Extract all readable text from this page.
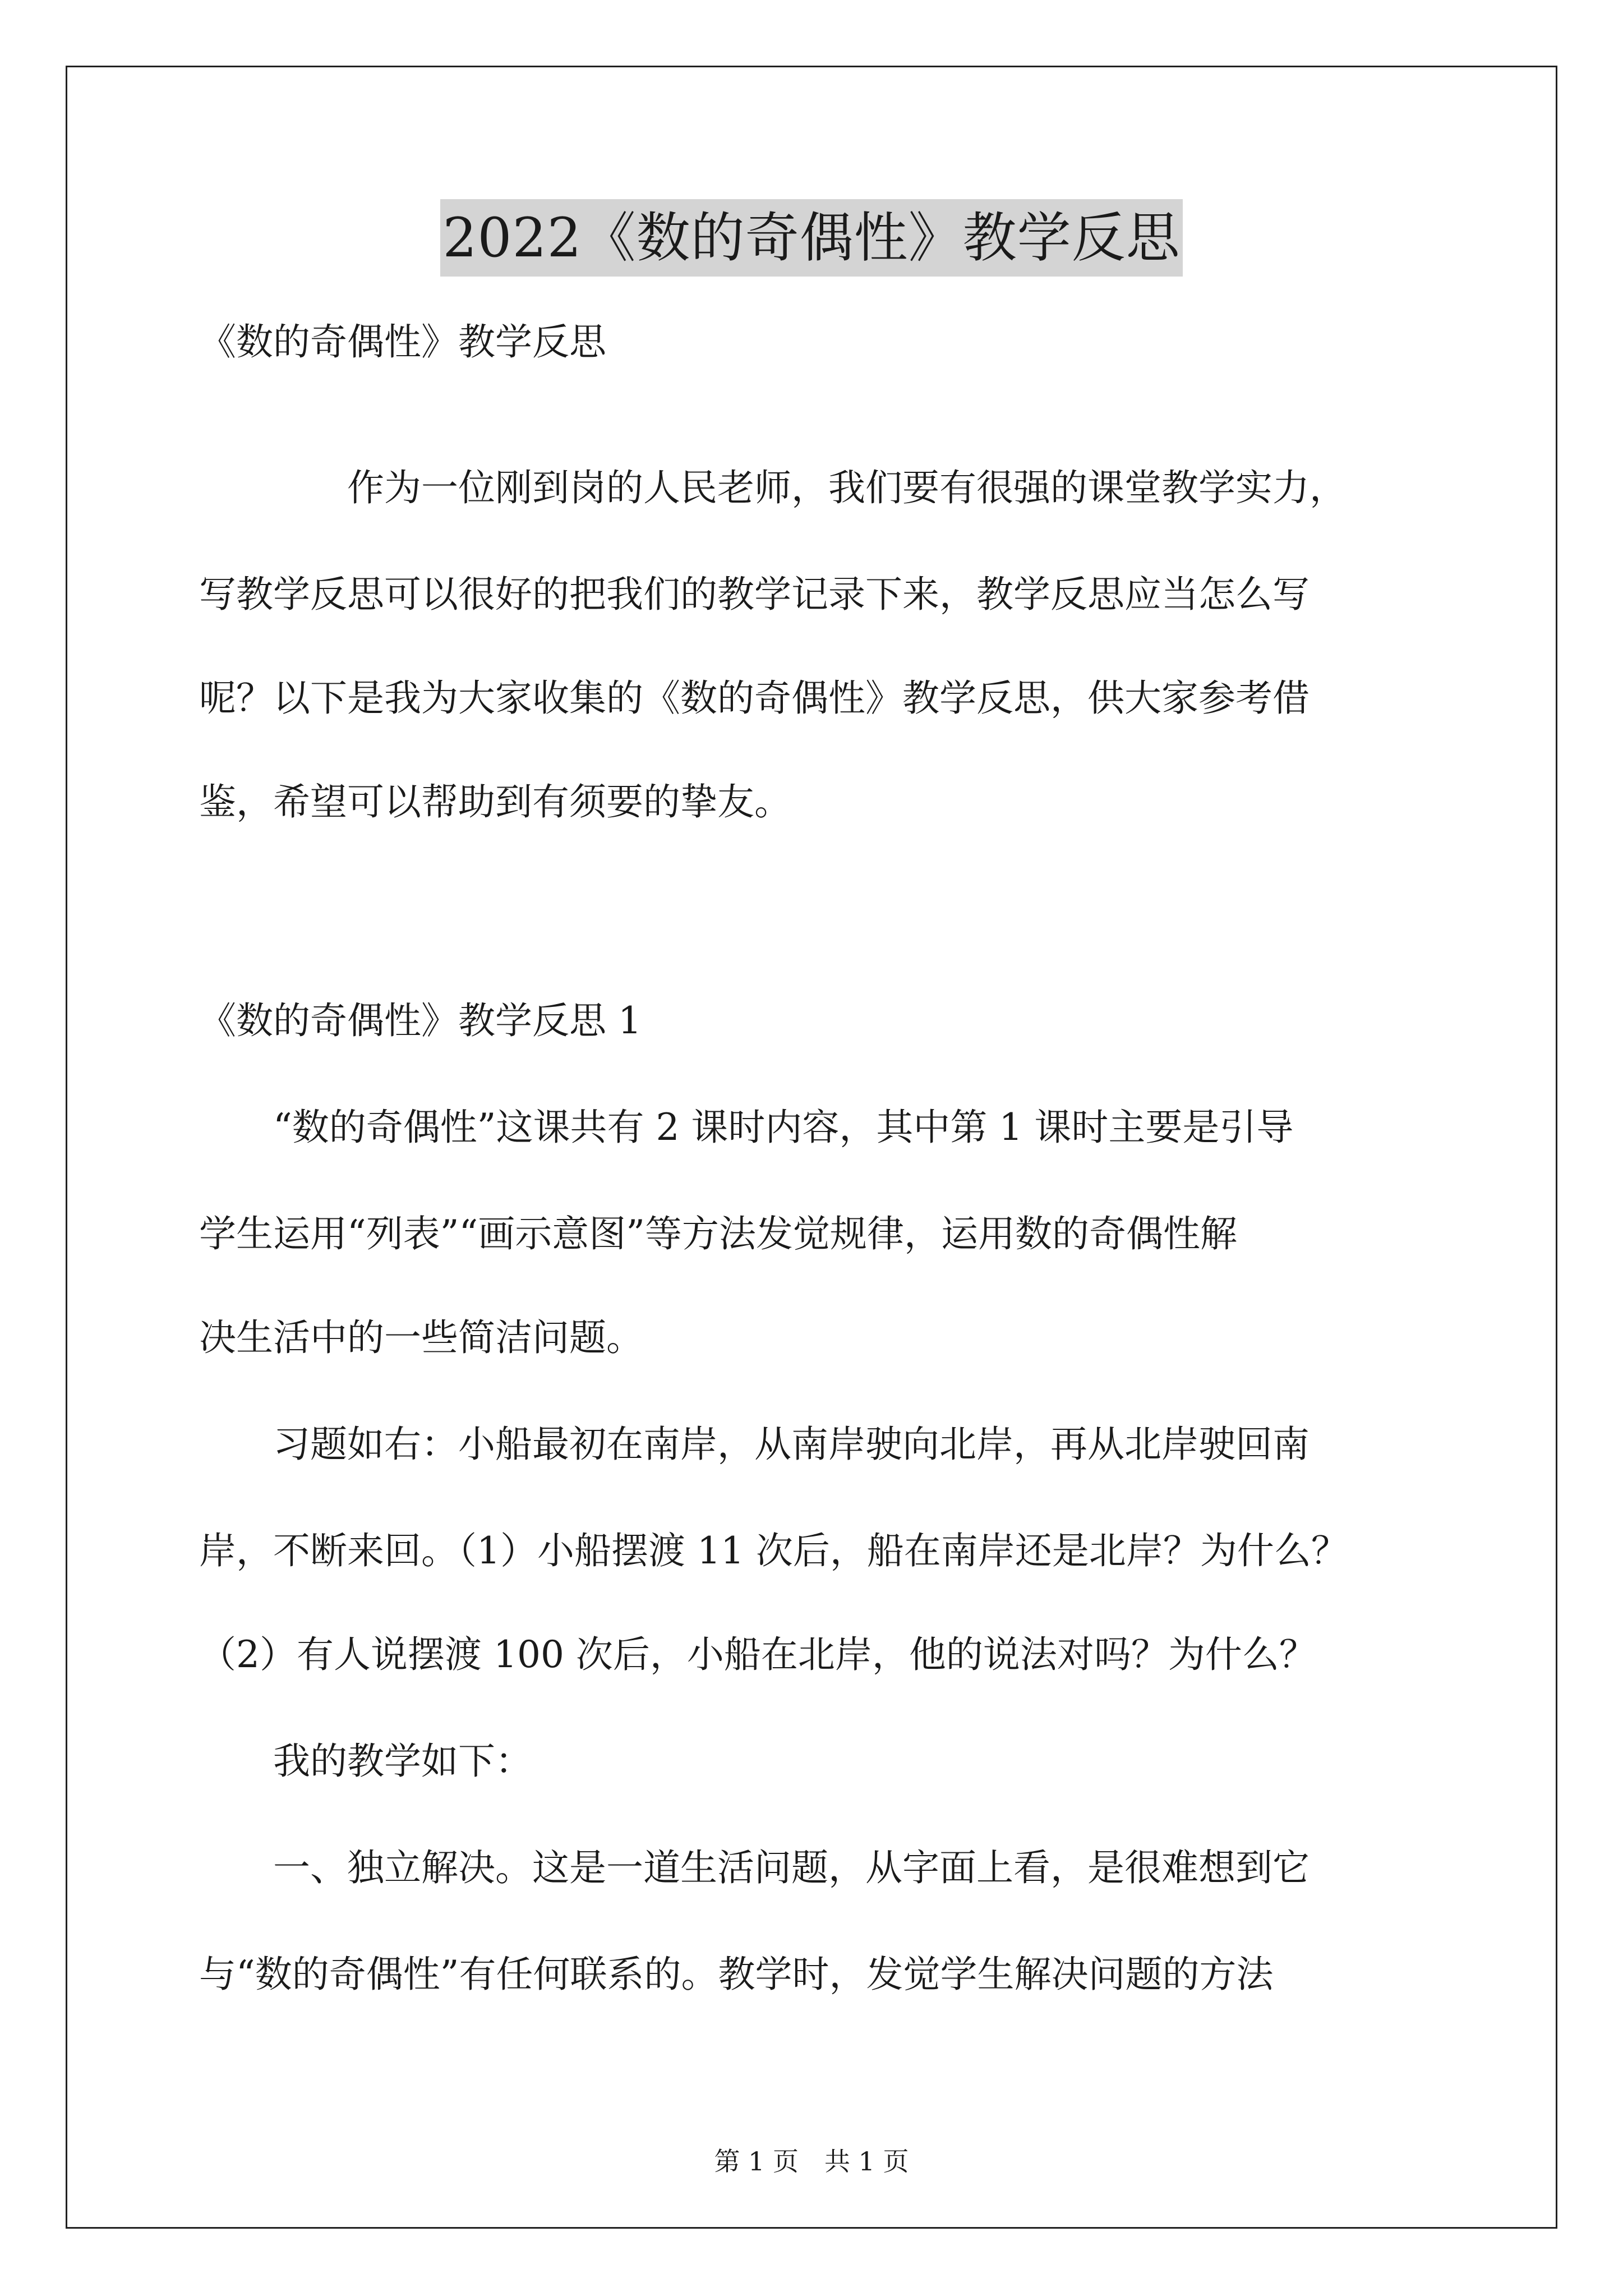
2022《数的奇偶性》教学反思

《数的奇偶性》教学反思

　　　　作为一位刚到岗的人民老师，我们要有很强的课堂教学实力，

写教学反思可以很好的把我们的教学记录下来，教学反思应当怎么写

呢？以下是我为大家收集的《数的奇偶性》教学反思，供大家参考借

鉴，希望可以帮助到有须要的挚友。

《数的奇偶性》教学反思 1

　　“数的奇偶性”这课共有 2 课时内容，其中第 1 课时主要是引导

学生运用“列表”“画示意图”等方法发觉规律，运用数的奇偶性解

决生活中的一些简洁问题。

　　习题如右：小船最初在南岸，从南岸驶向北岸，再从北岸驶回南

岸，不断来回。（1）小船摆渡 11 次后，船在南岸还是北岸？为什么？

（2）有人说摆渡 100 次后，小船在北岸，他的说法对吗？为什么？

　　我的教学如下：

　　一、独立解决。这是一道生活问题，从字面上看，是很难想到它

与“数的奇偶性”有任何联系的。教学时，发觉学生解决问题的方法

第 1 页　共 1 页
